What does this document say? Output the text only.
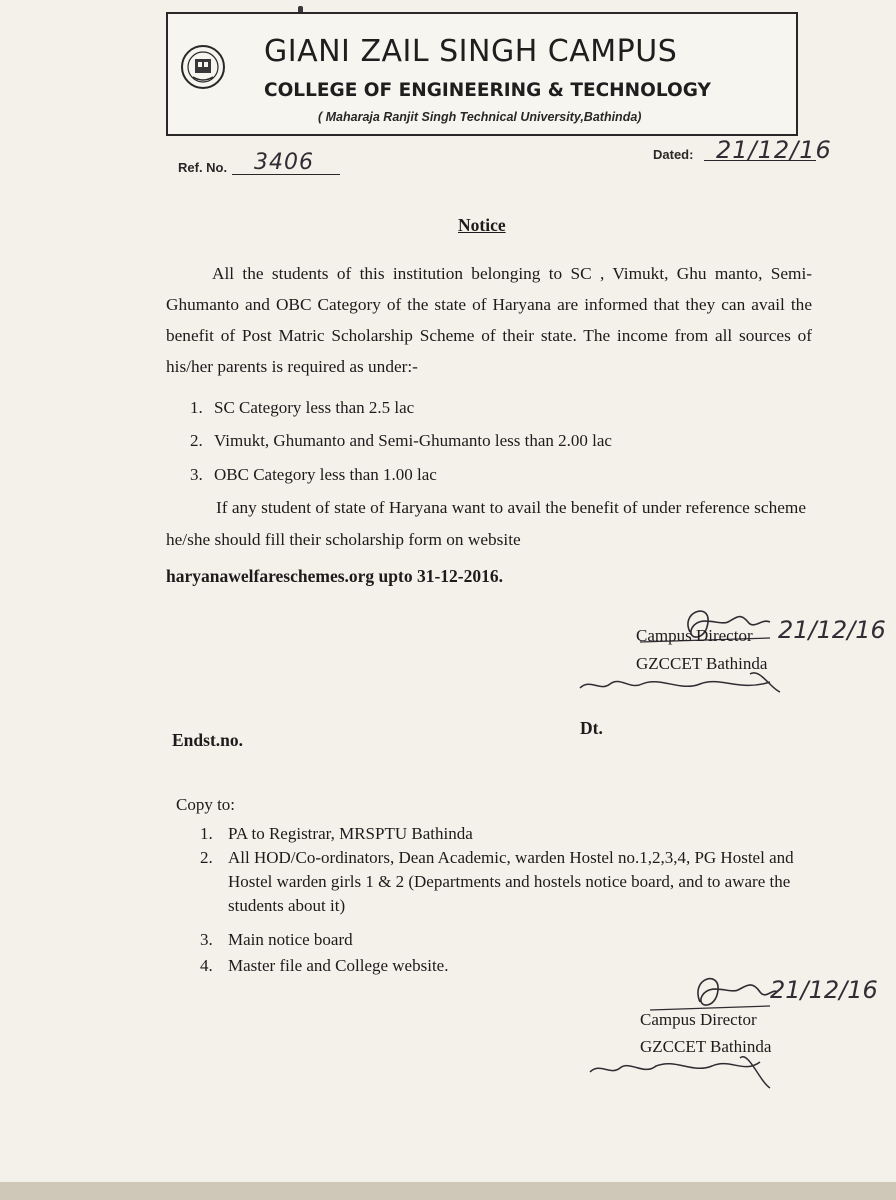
GIANI ZAIL SINGH CAMPUS
COLLEGE OF ENGINEERING & TECHNOLOGY
( Maharaja Ranjit Singh Technical University,Bathinda)
Ref. No. 3406	Dated: 21/12/16
Notice
All the students of this institution belonging to SC , Vimukt, Ghu manto, Semi-Ghumanto and OBC Category of the state of Haryana are informed that they can avail the benefit of Post Matric Scholarship Scheme of their state. The income from all sources of his/her parents is required as under:-
1. SC Category less than 2.5 lac
2. Vimukt, Ghumanto and Semi-Ghumanto less than 2.00 lac
3. OBC Category less than 1.00 lac
If any student of state of Haryana want to avail the benefit of under reference scheme he/she should fill their scholarship form on website
haryanawelfareschemes.org upto 31-12-2016.
Campus Director
GZCCET Bathinda
21/12/16
Endst.no.
Dt.
Copy to:
1. PA to Registrar, MRSPTU Bathinda
2. All HOD/Co-ordinators, Dean Academic, warden Hostel no.1,2,3,4, PG Hostel and Hostel warden girls 1 & 2 (Departments and hostels notice board, and to aware the students about it)
3. Main notice board
4. Master file and College website.
Campus Director
GZCCET Bathinda
21/12/16
